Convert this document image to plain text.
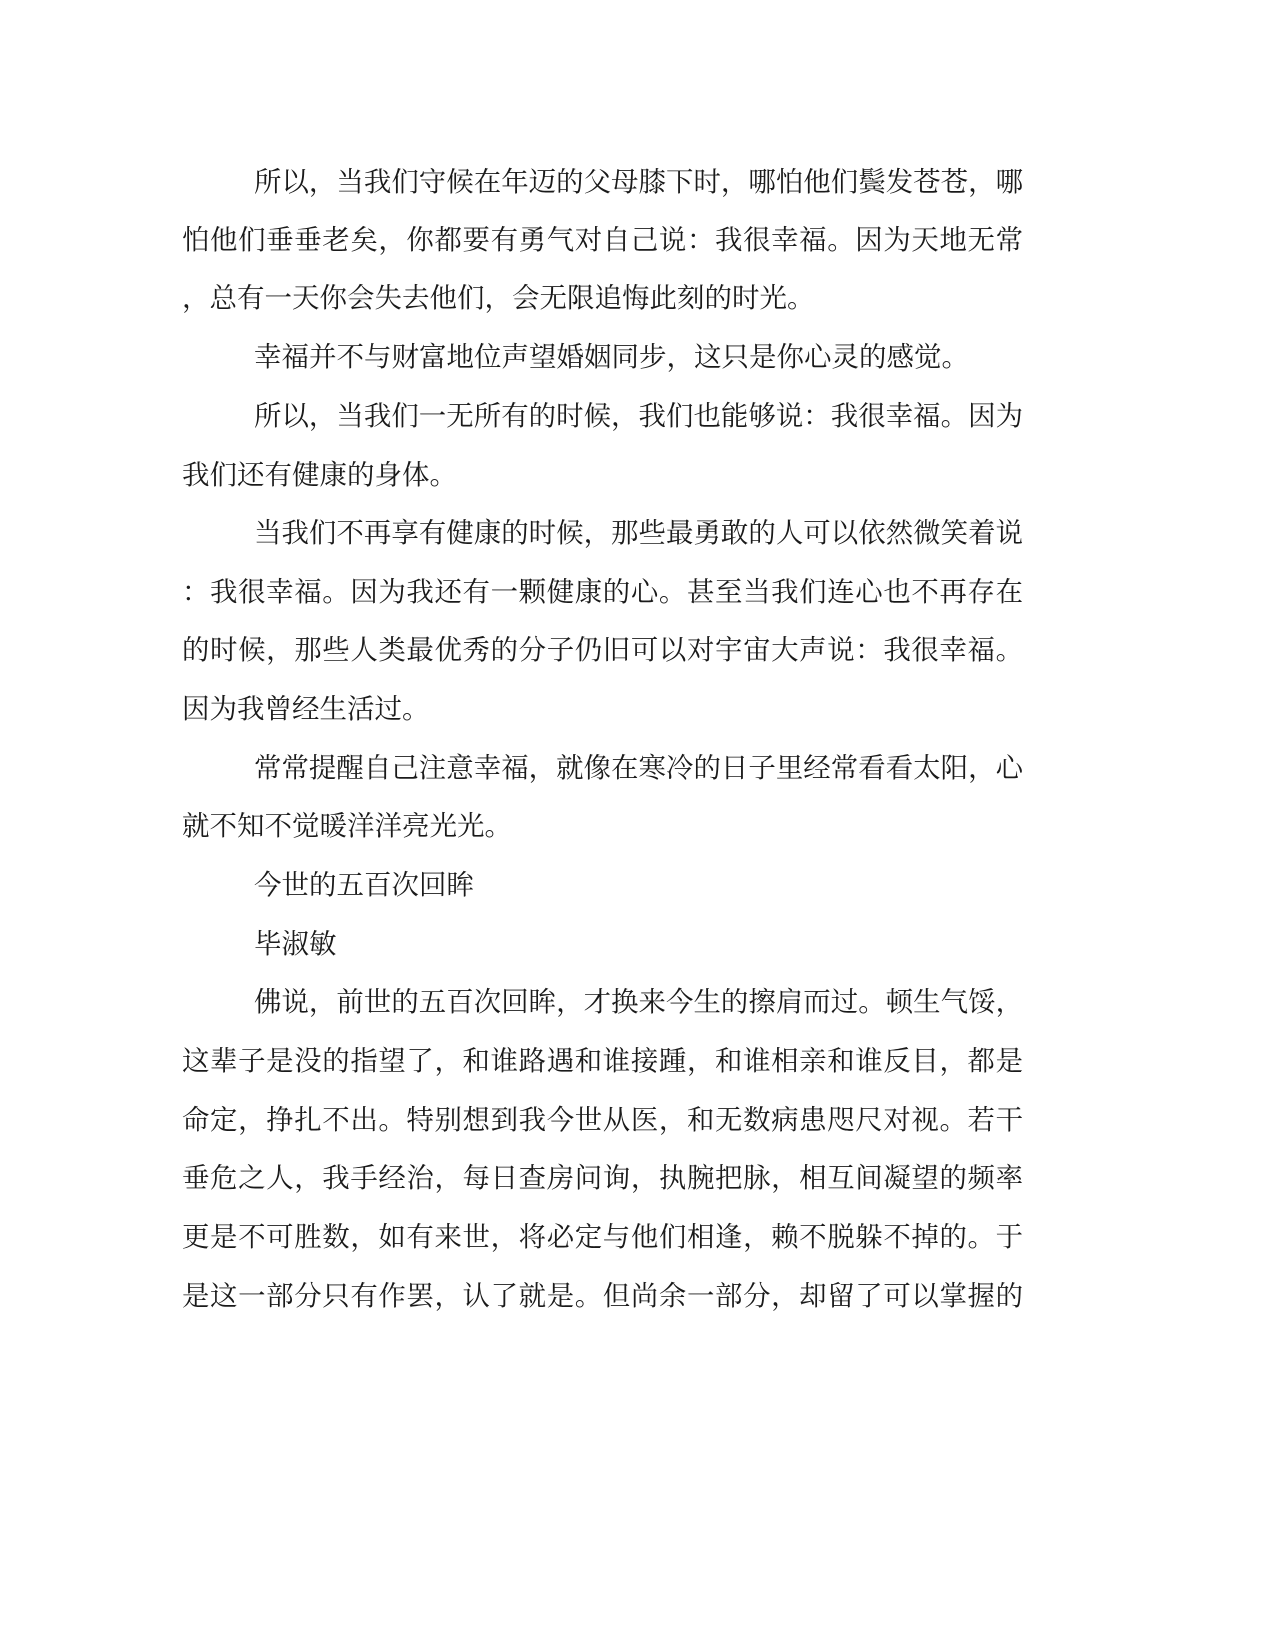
所以，当我们守候在年迈的父母膝下时，哪怕他们鬓发苍苍，哪
怕他们垂垂老矣，你都要有勇气对自己说：我很幸福。因为天地无常
，总有一天你会失去他们，会无限追悔此刻的时光。
幸福并不与财富地位声望婚姻同步，这只是你心灵的感觉。
所以，当我们一无所有的时候，我们也能够说：我很幸福。因为
我们还有健康的身体。
当我们不再享有健康的时候，那些最勇敢的人可以依然微笑着说
：我很幸福。因为我还有一颗健康的心。甚至当我们连心也不再存在
的时候，那些人类最优秀的分子仍旧可以对宇宙大声说：我很幸福。
因为我曾经生活过。
常常提醒自己注意幸福，就像在寒冷的日子里经常看看太阳，心
就不知不觉暖洋洋亮光光。
今世的五百次回眸
毕淑敏
佛说，前世的五百次回眸，才换来今生的擦肩而过。顿生气馁，
这辈子是没的指望了，和谁路遇和谁接踵，和谁相亲和谁反目，都是
命定，挣扎不出。特别想到我今世从医，和无数病患咫尺对视。若干
垂危之人，我手经治，每日查房问询，执腕把脉，相互间凝望的频率
更是不可胜数，如有来世，将必定与他们相逢，赖不脱躲不掉的。于
是这一部分只有作罢，认了就是。但尚余一部分，却留了可以掌握的
